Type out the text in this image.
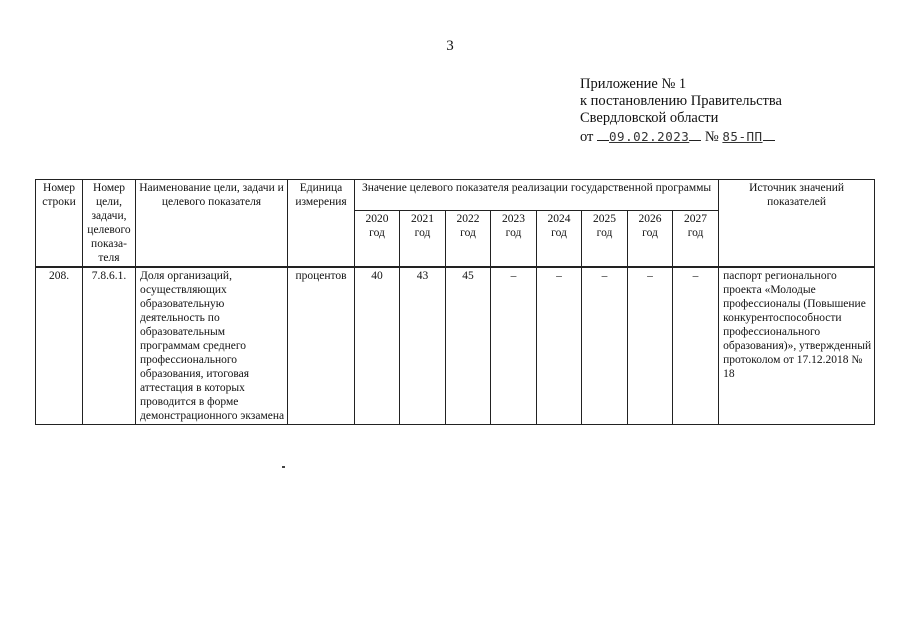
3
Приложение № 1
к постановлению Правительства
Свердловской области
от 09.02.2023 № 85-ПП
Номер строки	Номер цели, задачи, целевого показа-теля	Наименование цели, задачи и целевого показателя	Единица измерения	Значение целевого показателя реализации государственной программы								Источник значений показателей
				2020 год	2021 год	2022 год	2023 год	2024 год	2025 год	2026 год	2027 год	
208.	7.8.6.1.	Доля организаций, осуществляющих образовательную деятельность по образовательным программам среднего профессионального образования, итоговая аттестация в которых проводится в форме демонстрационного экзамена	процентов	40	43	45	–	–	–	–	–	паспорт регионального проекта «Молодые профессионалы (Повышение конкурентоспособности профессионального образования)», утвержденный протоколом от 17.12.2018 № 18
